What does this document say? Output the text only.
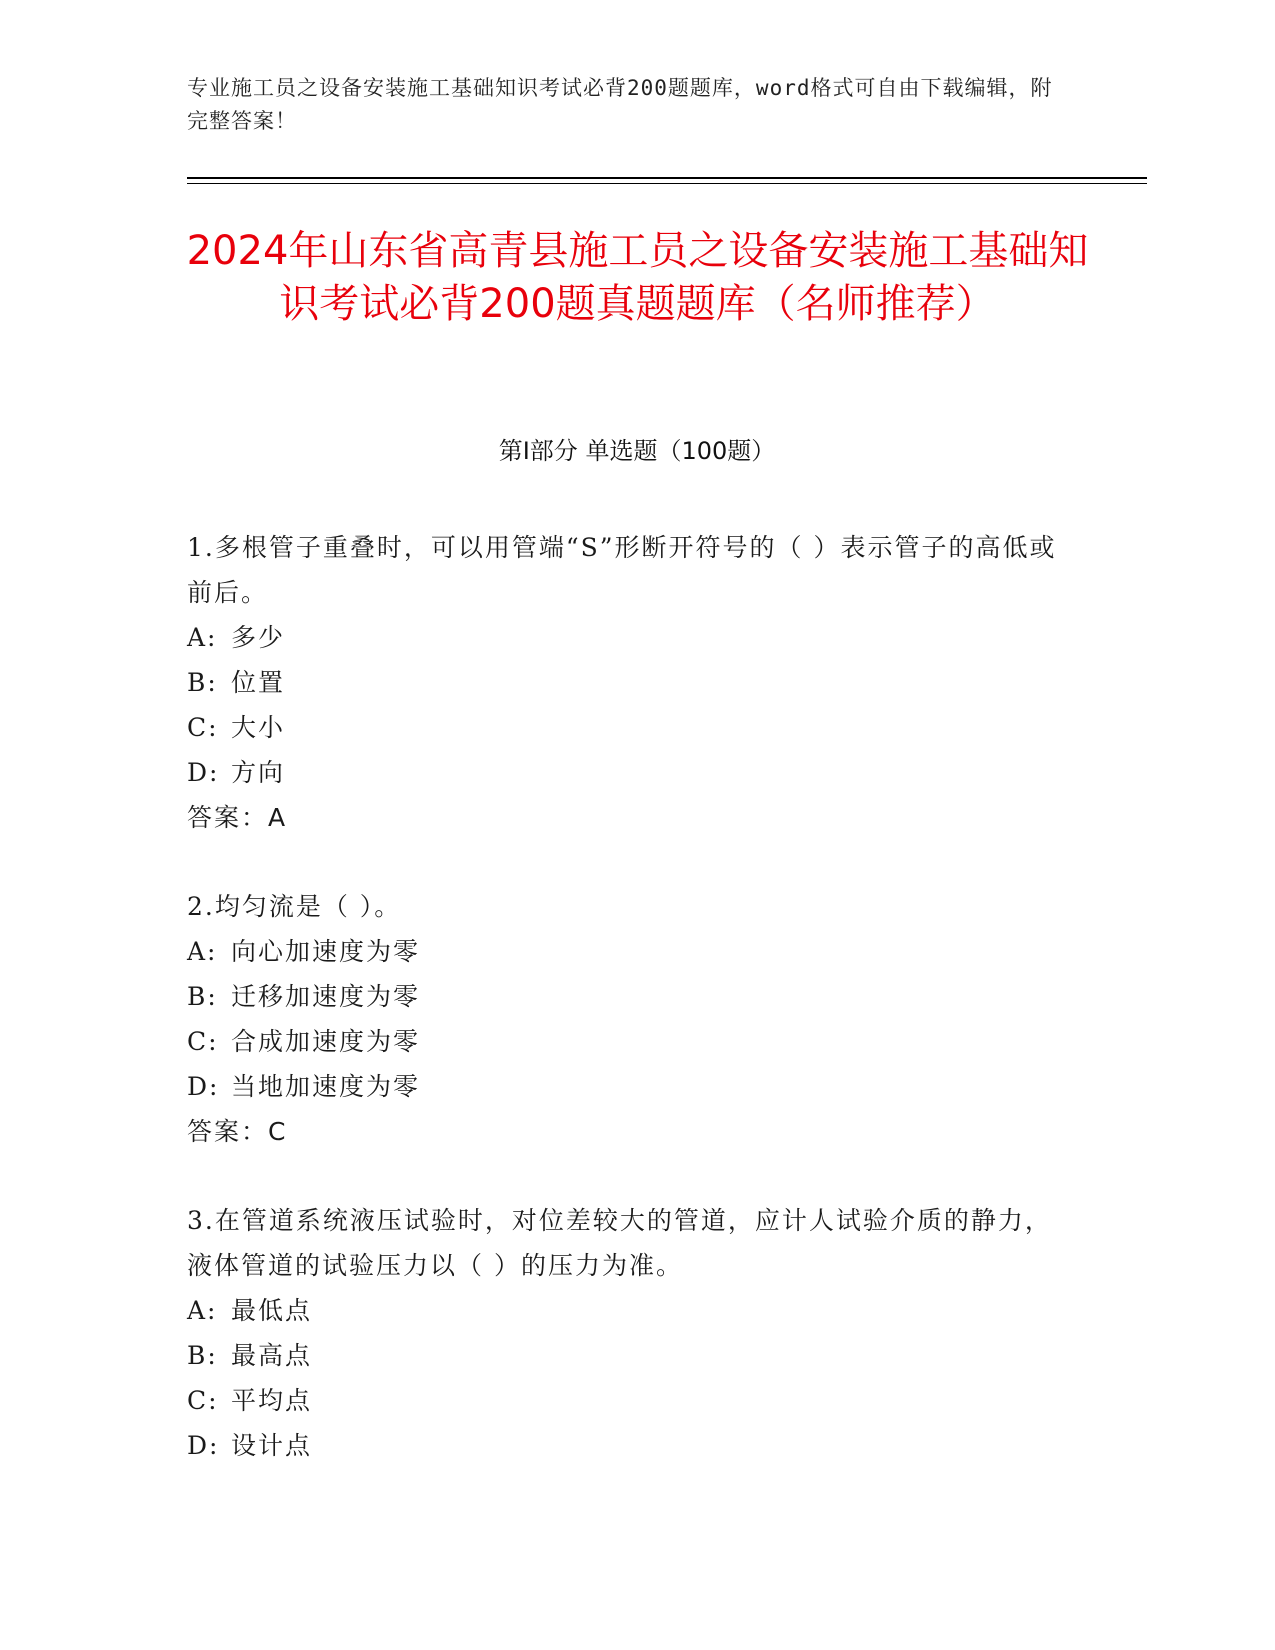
专业施工员之设备安装施工基础知识考试必背200题题库，word格式可自由下载编辑，附完整答案！
2024年山东省高青县施工员之设备安装施工基础知识考试必背200题真题题库（名师推荐）
第I部分 单选题（100题）

1.多根管子重叠时，可以用管端“S”形断开符号的（ ）表示管子的高低或前后。

A: 多少
B: 位置
C: 大小
D: 方向
答案：A

2.均匀流是（ ）。

A: 向心加速度为零
B: 迁移加速度为零
C: 合成加速度为零
D: 当地加速度为零
答案：C

3.在管道系统液压试验时，对位差较大的管道，应计人试验介质的静力，液体管道的试验压力以（ ）的压力为准。

A: 最低点
B: 最高点
C: 平均点
D: 设计点
